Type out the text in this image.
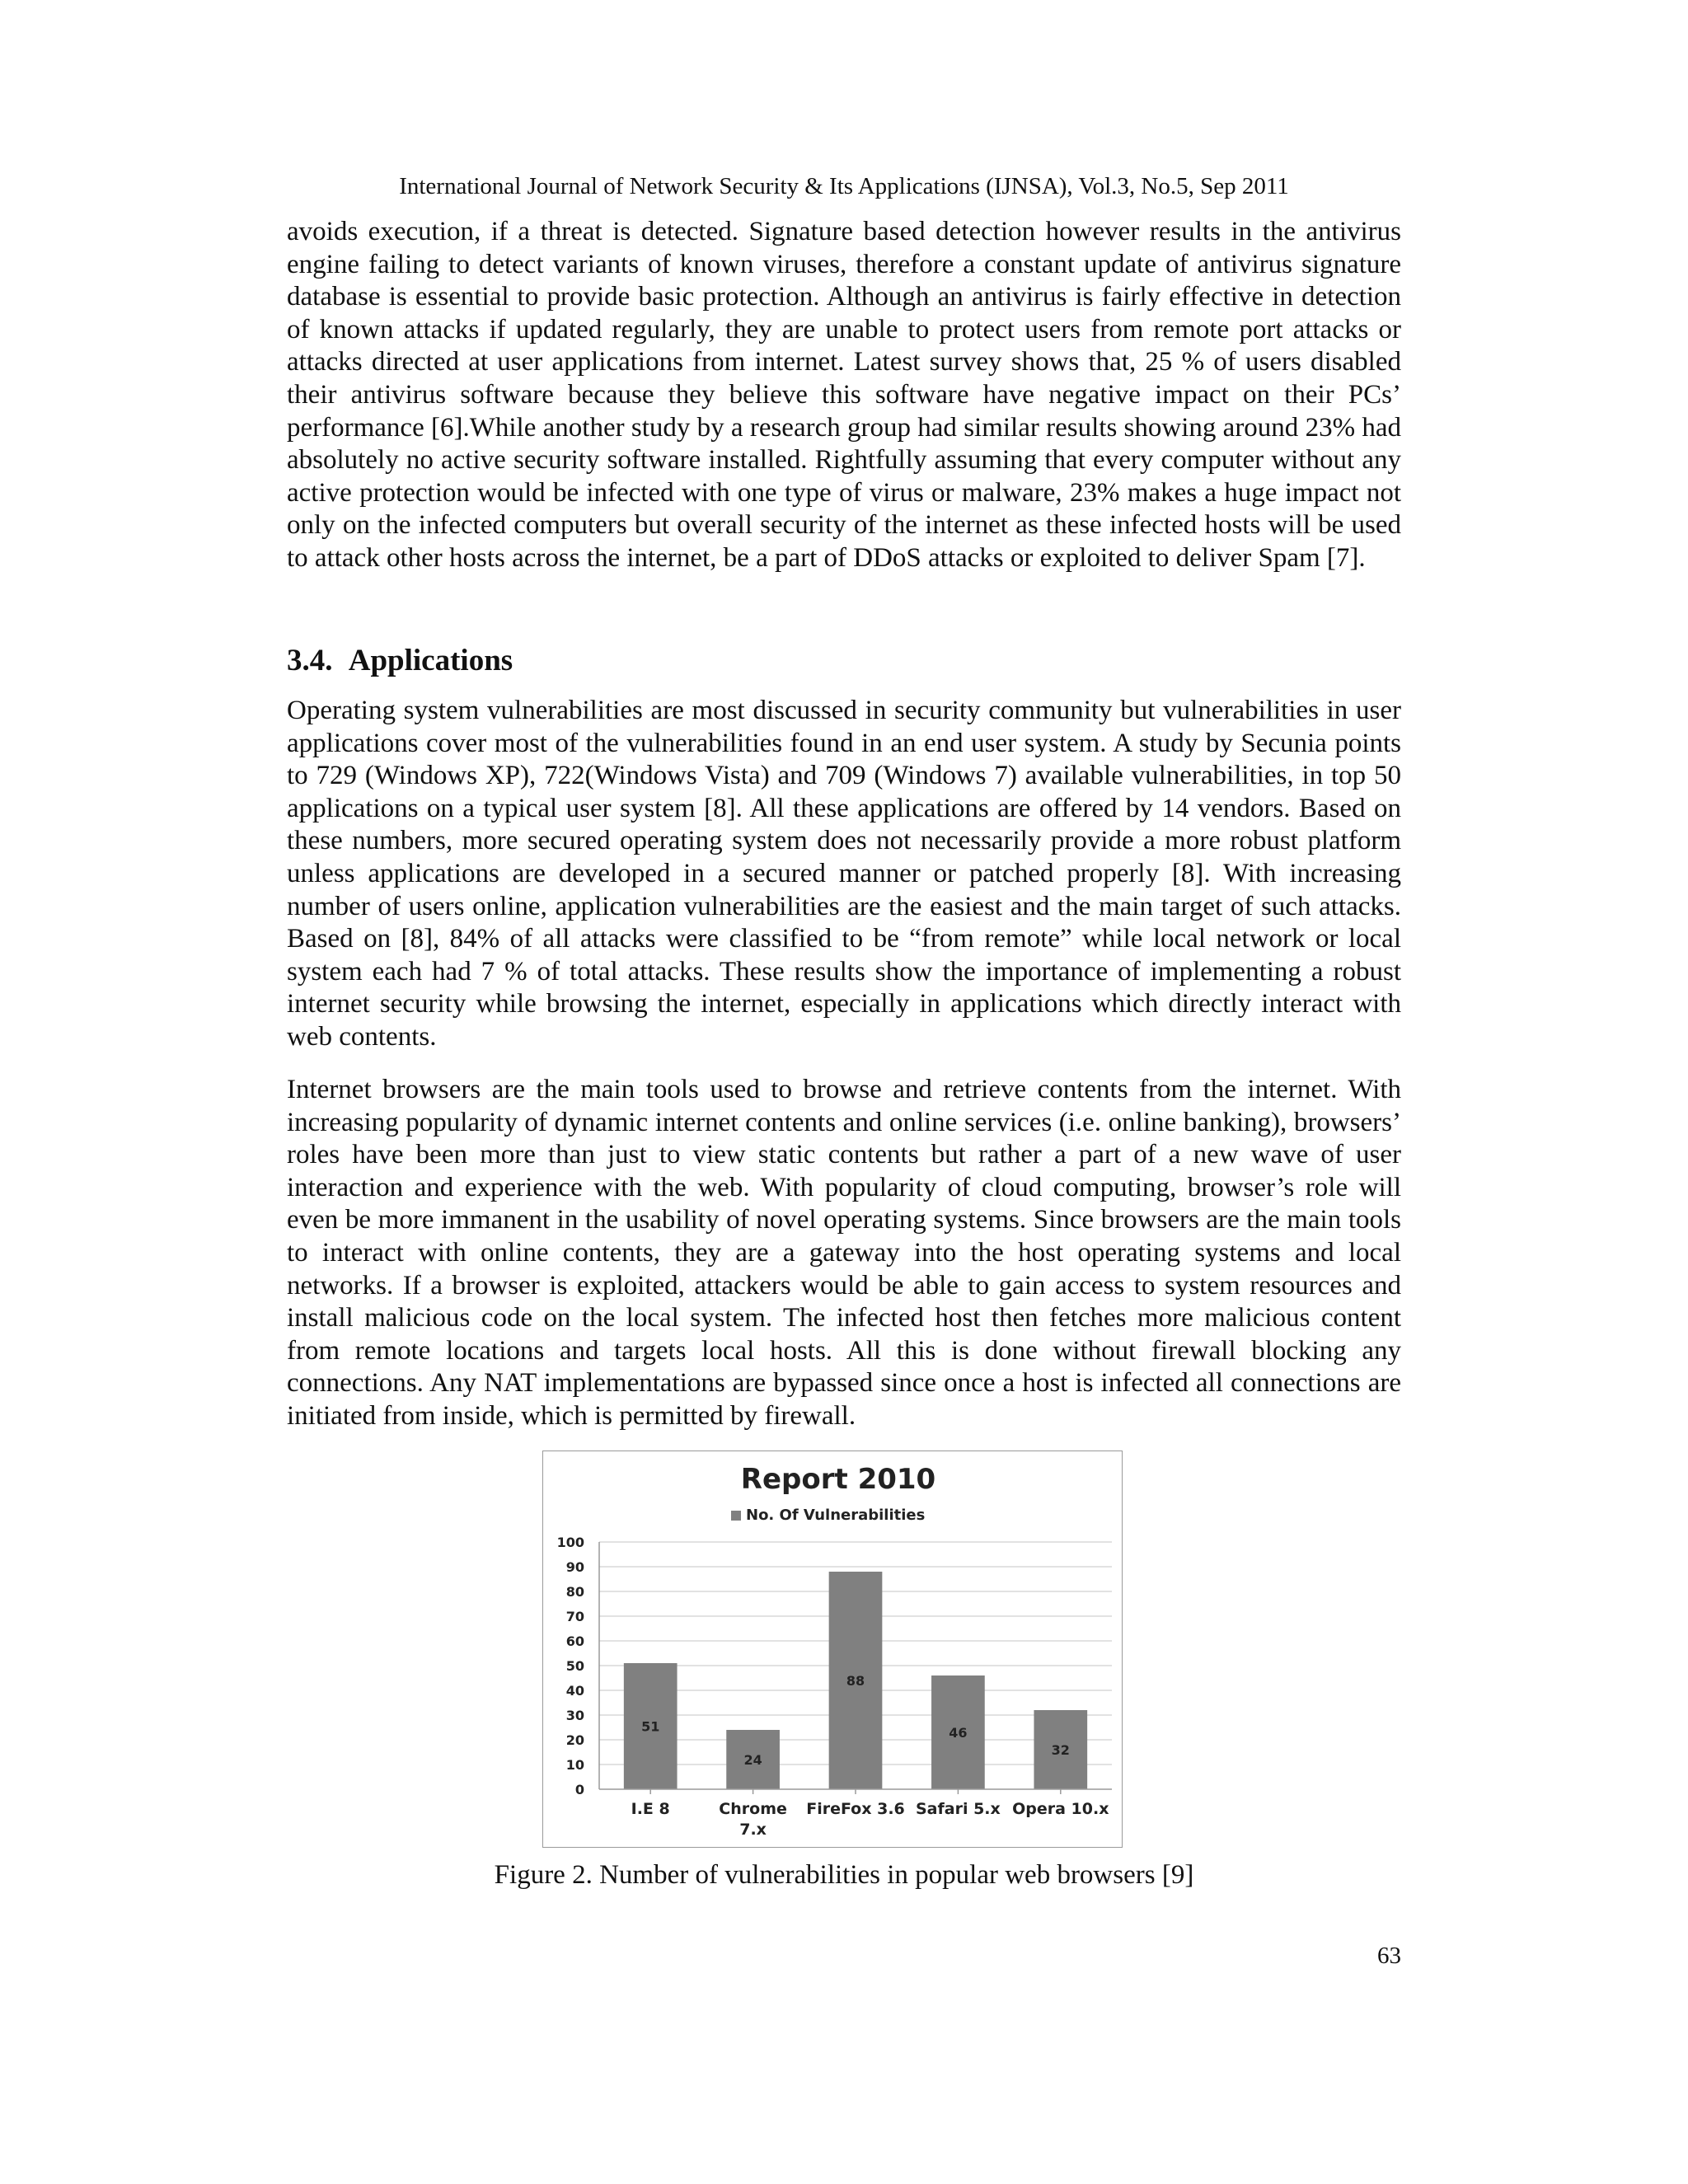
International Journal of Network Security & Its Applications (IJNSA), Vol.3, No.5, Sep 2011

avoids execution, if a threat is detected. Signature based detection however results in the antivirus engine failing to detect variants of known viruses, therefore a constant update of antivirus signature database is essential to provide basic protection. Although an antivirus is fairly effective in detection of known attacks if updated regularly, they are unable to protect users from remote port attacks or attacks directed at user applications from internet. Latest survey shows that, 25 % of users disabled their antivirus software because they believe this software have negative impact on their PCs’ performance [6].While another study by a research group had similar results showing around 23% had absolutely no active security software installed. Rightfully assuming that every computer without any active protection would be infected with one type of virus or malware, 23% makes a huge impact not only on the infected computers but overall security of the internet as these infected hosts will be used to attack other hosts across the internet, be a part of DDoS attacks or exploited to deliver Spam [7].

3.4. Applications

Operating system vulnerabilities are most discussed in security community but vulnerabilities in user applications cover most of the vulnerabilities found in an end user system. A study by Secunia points to 729 (Windows XP), 722(Windows Vista) and 709 (Windows 7) available vulnerabilities, in top 50 applications on a typical user system [8]. All these applications are offered by 14 vendors. Based on these numbers, more secured operating system does not necessarily provide a more robust platform unless applications are developed in a secured manner or patched properly [8]. With increasing number of users online, application vulnerabilities are the easiest and the main target of such attacks. Based on [8], 84% of all attacks were classified to be “from remote” while local network or local system each had 7 % of total attacks. These results show the importance of implementing a robust internet security while browsing the internet, especially in applications which directly interact with web contents.

Internet browsers are the main tools used to browse and retrieve contents from the internet. With increasing popularity of dynamic internet contents and online services (i.e. online banking), browsers’ roles have been more than just to view static contents but rather a part of a new wave of user interaction and experience with the web. With popularity of cloud computing, browser’s role will even be more immanent in the usability of novel operating systems. Since browsers are the main tools to interact with online contents, they are a gateway into the host operating systems and local networks. If a browser is exploited, attackers would be able to gain access to system resources and install malicious code on the local system. The infected host then fetches more malicious content from remote locations and targets local hosts. All this is done without firewall blocking any connections. Any NAT implementations are bypassed since once a host is infected all connections are initiated from inside, which is permitted by firewall.

Report 2010
No. Of Vulnerabilities
51
24
88
46
32
0
10
20
30
40
50
60
70
80
90
100
I.E 8	Chrome
7.x
FireFox 3.6 Safari 5.x Opera 10.x
Figure 2. Number of vulnerabilities in popular web browsers [9]
63
